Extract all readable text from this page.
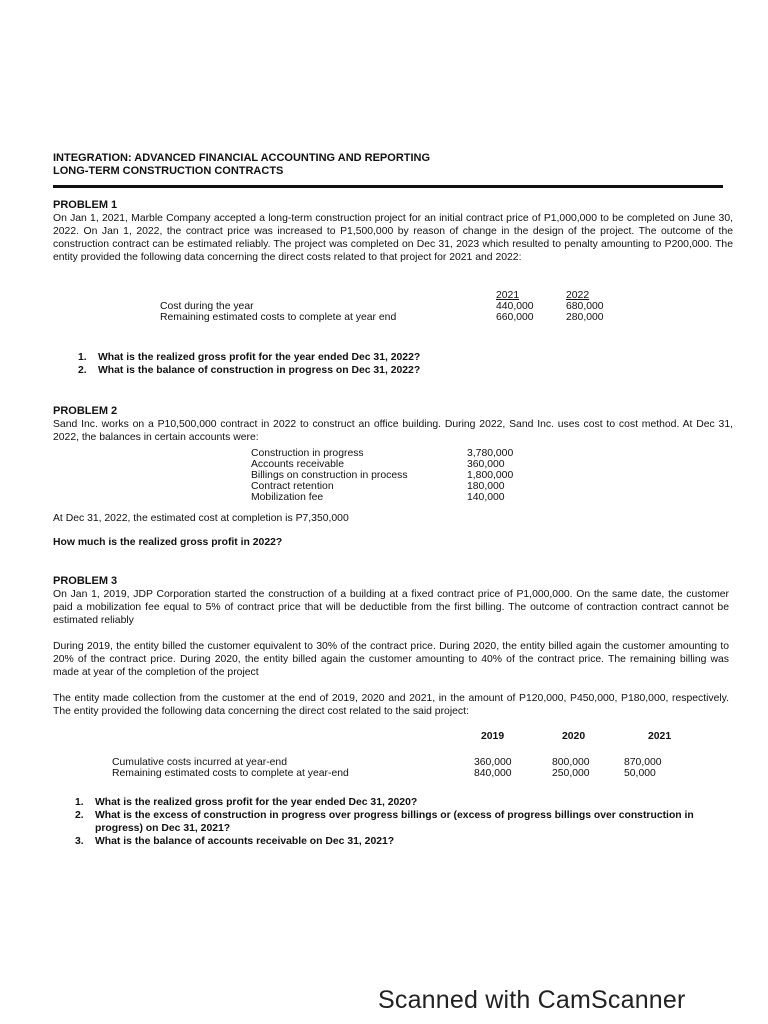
INTEGRATION: ADVANCED FINANCIAL ACCOUNTING AND REPORTING
LONG-TERM CONSTRUCTION CONTRACTS
PROBLEM 1
On Jan 1, 2021, Marble Company accepted a long-term construction project for an initial contract price of P1,000,000 to be completed on June 30, 2022. On Jan 1, 2022, the contract price was increased to P1,500,000 by reason of change in the design of the project. The outcome of the construction contract can be estimated reliably. The project was completed on Dec 31, 2023 which resulted to penalty amounting to P200,000. The entity provided the following data concerning the direct costs related to that project for 2021 and 2022:
	2021	2022
Cost during the year	440,000	680,000
Remaining estimated costs to complete at year end	660,000	280,000
1. What is the realized gross profit for the year ended Dec 31, 2022?
2. What is the balance of construction in progress on Dec 31, 2022?
PROBLEM 2
Sand Inc. works on a P10,500,000 contract in 2022 to construct an office building. During 2022, Sand Inc. uses cost to cost method. At Dec 31, 2022, the balances in certain accounts were:
Construction in progress	3,780,000
Accounts receivable	360,000
Billings on construction in process	1,800,000
Contract retention	180,000
Mobilization fee	140,000
At Dec 31, 2022, the estimated cost at completion is P7,350,000
How much is the realized gross profit in 2022?
PROBLEM 3
On Jan 1, 2019, JDP Corporation started the construction of a building at a fixed contract price of P1,000,000. On the same date, the customer paid a mobilization fee equal to 5% of contract price that will be deductible from the first billing. The outcome of contraction contract cannot be estimated reliably
During 2019, the entity billed the customer equivalent to 30% of the contract price. During 2020, the entity billed again the customer amounting to 20% of the contract price. During 2020, the entity billed again the customer amounting to 40% of the contract price. The remaining billing was made at year of the completion of the project
The entity made collection from the customer at the end of 2019, 2020 and 2021, in the amount of P120,000, P450,000, P180,000, respectively. The entity provided the following data concerning the direct cost related to the said project:
2019	2020	2021
Cumulative costs incurred at year-end	360,000	800,000	870,000
Remaining estimated costs to complete at year-end	840,000	250,000	50,000
1. What is the realized gross profit for the year ended Dec 31, 2020?
2. What is the excess of construction in progress over progress billings or (excess of progress billings over construction in progress) on Dec 31, 2021?
3. What is the balance of accounts receivable on Dec 31, 2021?
Scanned with CamScanner
